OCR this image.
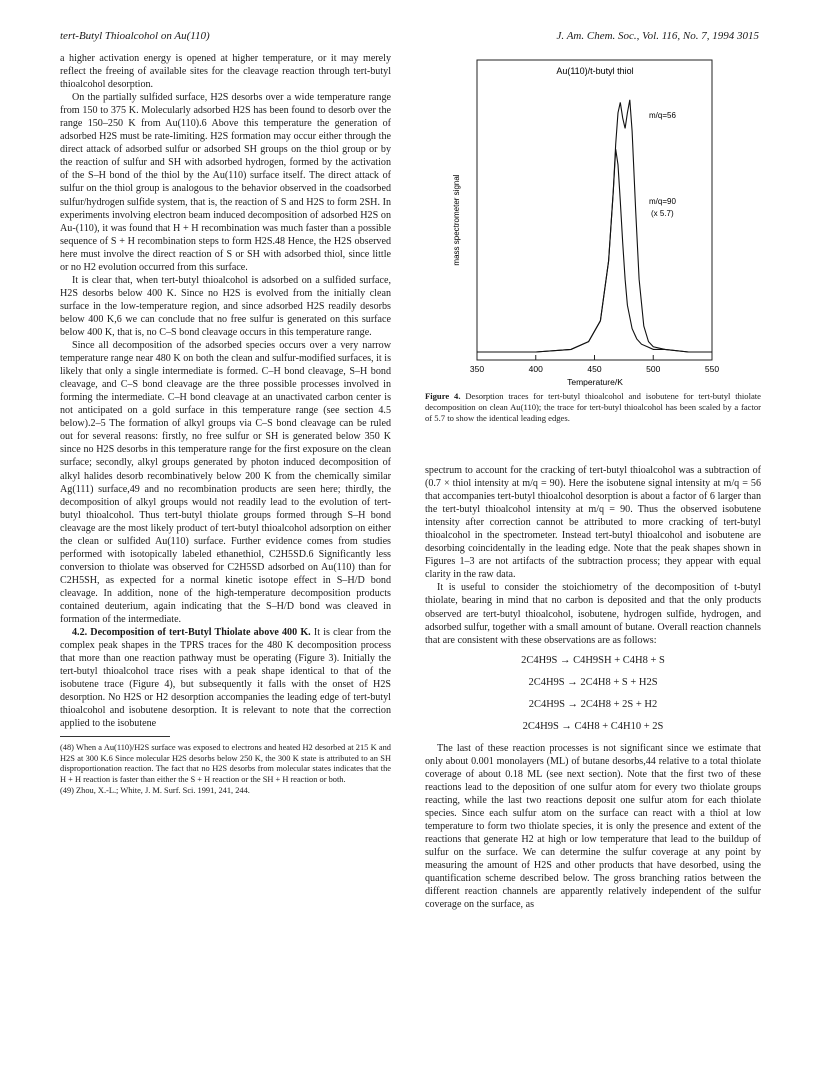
tert-Butyl Thioalcohol on Au(110)	J. Am. Chem. Soc., Vol. 116, No. 7, 1994 3015

a higher activation energy is opened at higher temperature, or it may merely reflect the freeing of available sites for the cleavage reaction through tert-butyl thioalcohol desorption.

On the partially sulfided surface, H2S desorbs over a wide temperature range from 150 to 375 K. Molecularly adsorbed H2S has been found to desorb over the range 150–250 K from Au(110).6 Above this temperature the generation of adsorbed H2S must be rate-limiting. H2S formation may occur either through the direct attack of adsorbed sulfur or adsorbed SH groups on the thiol group or by the reaction of sulfur and SH with adsorbed hydrogen, formed by the activation of the S–H bond of the thiol by the Au(110) surface itself. The direct attack of sulfur on the thiol group is analogous to the behavior observed in the coadsorbed sulfur/hydrogen sulfide system, that is, the reaction of S and H2S to form 2SH. In experiments involving electron beam induced decomposition of adsorbed H2S on Au-(110), it was found that H + H recombination was much faster than a possible sequence of S + H recombination steps to form H2S.48 Hence, the H2S observed here must involve the direct reaction of S or SH with adsorbed thiol, since little or no H2 evolution occurred from this surface.

It is clear that, when tert-butyl thioalcohol is adsorbed on a sulfided surface, H2S desorbs below 400 K. Since no H2S is evolved from the initially clean surface in the low-temperature region, and since adsorbed H2S readily desorbs below 400 K,6 we can conclude that no free sulfur is generated on this surface below 400 K, that is, no C–S bond cleavage occurs in this temperature range.

Since all decomposition of the adsorbed species occurs over a very narrow temperature range near 480 K on both the clean and sulfur-modified surfaces, it is likely that only a single intermediate is formed. C–H bond cleavage, S–H bond cleavage, and C–S bond cleavage are the three possible processes involved in forming the intermediate. C–H bond cleavage at an unactivated carbon center is not anticipated on a gold surface in this temperature range (see section 4.5 below).2–5 The formation of alkyl groups via C–S bond cleavage can be ruled out for several reasons: firstly, no free sulfur or SH is generated below 350 K since no H2S desorbs in this temperature range for the first exposure on the clean surface; secondly, alkyl groups generated by photon induced decomposition of alkyl halides desorb recombinatively below 200 K from the chemically similar Ag(111) surface,49 and no recombination products are seen here; thirdly, the decomposition of alkyl groups would not readily lead to the evolution of tert-butyl thioalcohol. Thus tert-butyl thiolate groups formed through S–H bond cleavage are the most likely product of tert-butyl thioalcohol adsorption on either the clean or sulfided Au(110) surface. Further evidence comes from studies performed with isotopically labeled ethanethiol, C2H5SD.6 Significantly less conversion to thiolate was observed for C2H5SD adsorbed on Au(110) than for C2H5SH, as expected for a normal kinetic isotope effect in S–H/D bond cleavage. In addition, none of the high-temperature decomposition products contained deuterium, again indicating that the S–H/D bond was cleaved in formation of the intermediate.

4.2. Decomposition of tert-Butyl Thiolate above 400 K. It is clear from the complex peak shapes in the TPRS traces for the 480 K decomposition process that more than one reaction pathway must be operating (Figure 3). Initially the tert-butyl thioalcohol trace rises with a peak shape identical to that of the isobutene trace (Figure 4), but subsequently it falls with the onset of H2S desorption. No H2S or H2 desorption accompanies the leading edge of tert-butyl thioalcohol and isobutene desorption. It is relevant to note that the correction applied to the isobutene

(48) When a Au(110)/H2S surface was exposed to electrons and heated H2 desorbed at 215 K and H2S at 300 K.6 Since molecular H2S desorbs below 250 K, the 300 K state is attributed to an SH disproportionation reaction. The fact that no H2S desorbs from molecular states indicates that the H + H reaction is faster than either the S + H reaction or the SH + H reaction or both.
(49) Zhou, X.-L.; White, J. M. Surf. Sci. 1991, 241, 244.
Au(110)/t-butyl thiol
mass spectrometer signal
Temperature/K
m/q=56
m/q=90
(x 5.7)
350	400	450	500	550
Figure 4. Desorption traces for tert-butyl thioalcohol and isobutene for tert-butyl thiolate decomposition on clean Au(110); the trace for tert-butyl thioalcohol has been scaled by a factor of 5.7 to show the identical leading edges.

spectrum to account for the cracking of tert-butyl thioalcohol was a subtraction of (0.7 × thiol intensity at m/q = 90). Here the isobutene signal intensity at m/q = 56 that accompanies tert-butyl thioalcohol desorption is about a factor of 6 larger than the tert-butyl thioalcohol intensity at m/q = 90. Thus the observed isobutene intensity after correction cannot be attributed to more cracking of tert-butyl thioalcohol in the spectrometer. Instead tert-butyl thioalcohol and isobutene are desorbing coincidentally in the leading edge. Note that the peak shapes shown in Figures 1–3 are not artifacts of the subtraction process; they appear with equal clarity in the raw data.

It is useful to consider the stoichiometry of the decomposition of t-butyl thiolate, bearing in mind that no carbon is deposited and that the only products observed are tert-butyl thioalcohol, isobutene, hydrogen sulfide, hydrogen, and adsorbed sulfur, together with a small amount of butane. Overall reaction channels that are consistent with these observations are as follows:

2C4H9S → C4H9SH + C4H8 + S
2C4H9S → 2C4H8 + S + H2S
2C4H9S → 2C4H8 + 2S + H2
2C4H9S → C4H8 + C4H10 + 2S

The last of these reaction processes is not significant since we estimate that only about 0.001 monolayers (ML) of butane desorbs,44 relative to a total thiolate coverage of about 0.18 ML (see next section). Note that the first two of these reactions lead to the deposition of one sulfur atom for every two thiolate groups reacting, while the last two reactions deposit one sulfur atom for each thiolate species. Since each sulfur atom on the surface can react with a thiol at low temperature to form two thiolate species, it is only the presence and extent of the reactions that generate H2 at high or low temperature that lead to the buildup of sulfur on the surface. We can determine the sulfur coverage at any point by measuring the amount of H2S and other products that have desorbed, using the quantification scheme described below. The gross branching ratios between the different reaction channels are apparently relatively independent of the sulfur coverage on the surface, as
